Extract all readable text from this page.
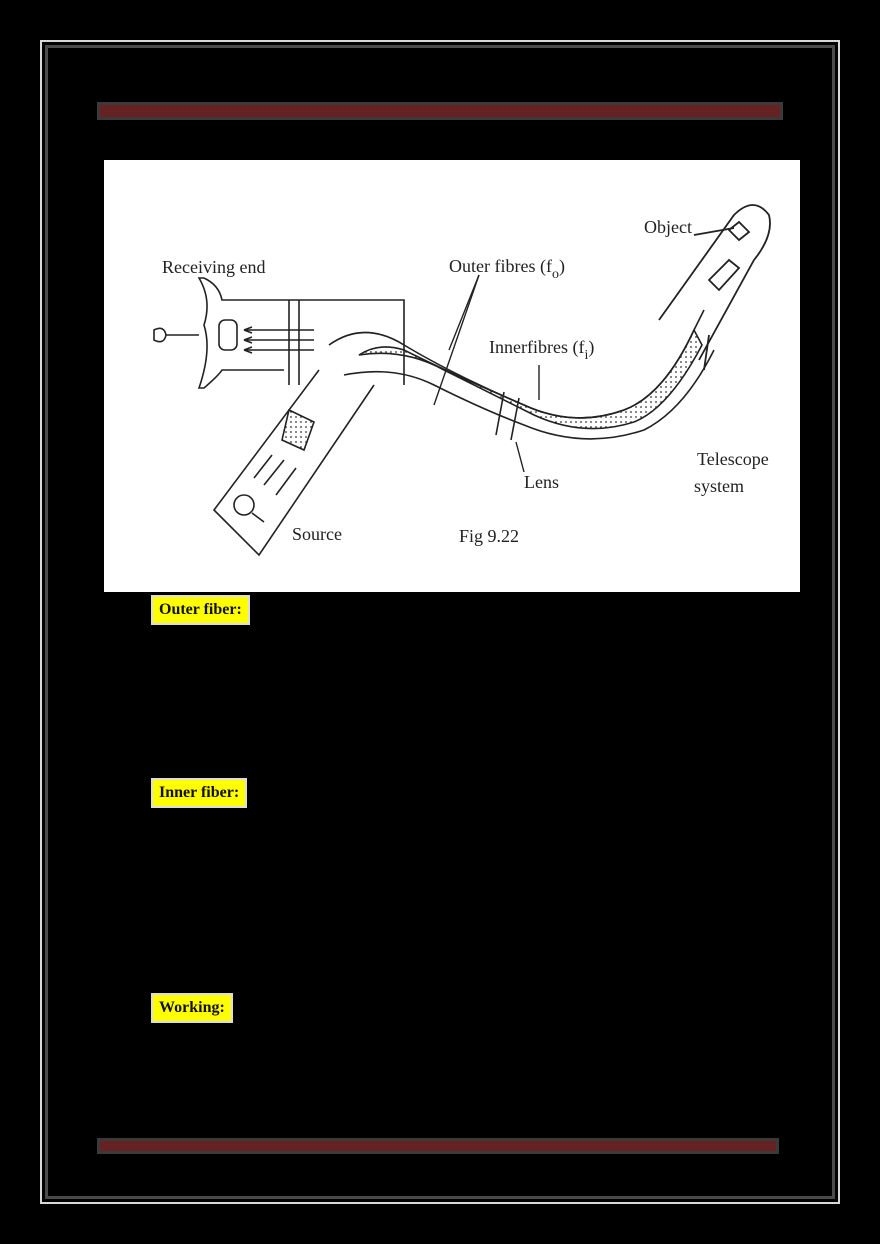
Receiving end	Outer fibres $(f_o)$
Innerfibres $(f_i)$
Object
Lens
Telescope
system
Source	Fig 9.22
Outer fiber:
Inner fiber:
Working:
